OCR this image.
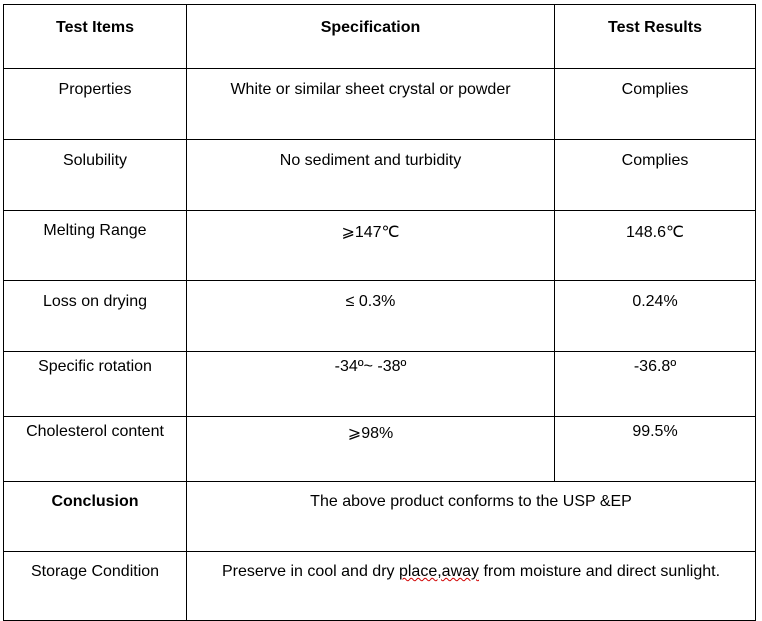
Test Items	Specification	Test Results
Properties	White or similar sheet crystal or powder	Complies
Solubility	No sediment and turbidity	Complies
Melting Range	⩾147℃	148.6℃
Loss on drying	≤ 0.3%	0.24%
Specific rotation	-34º~ -38º	-36.8º
Cholesterol content	⩾98%	99.5%
Conclusion	The above product conforms to the USP &EP	
Storage Condition	Preserve in cool and dry place,away from moisture and direct sunlight.	
